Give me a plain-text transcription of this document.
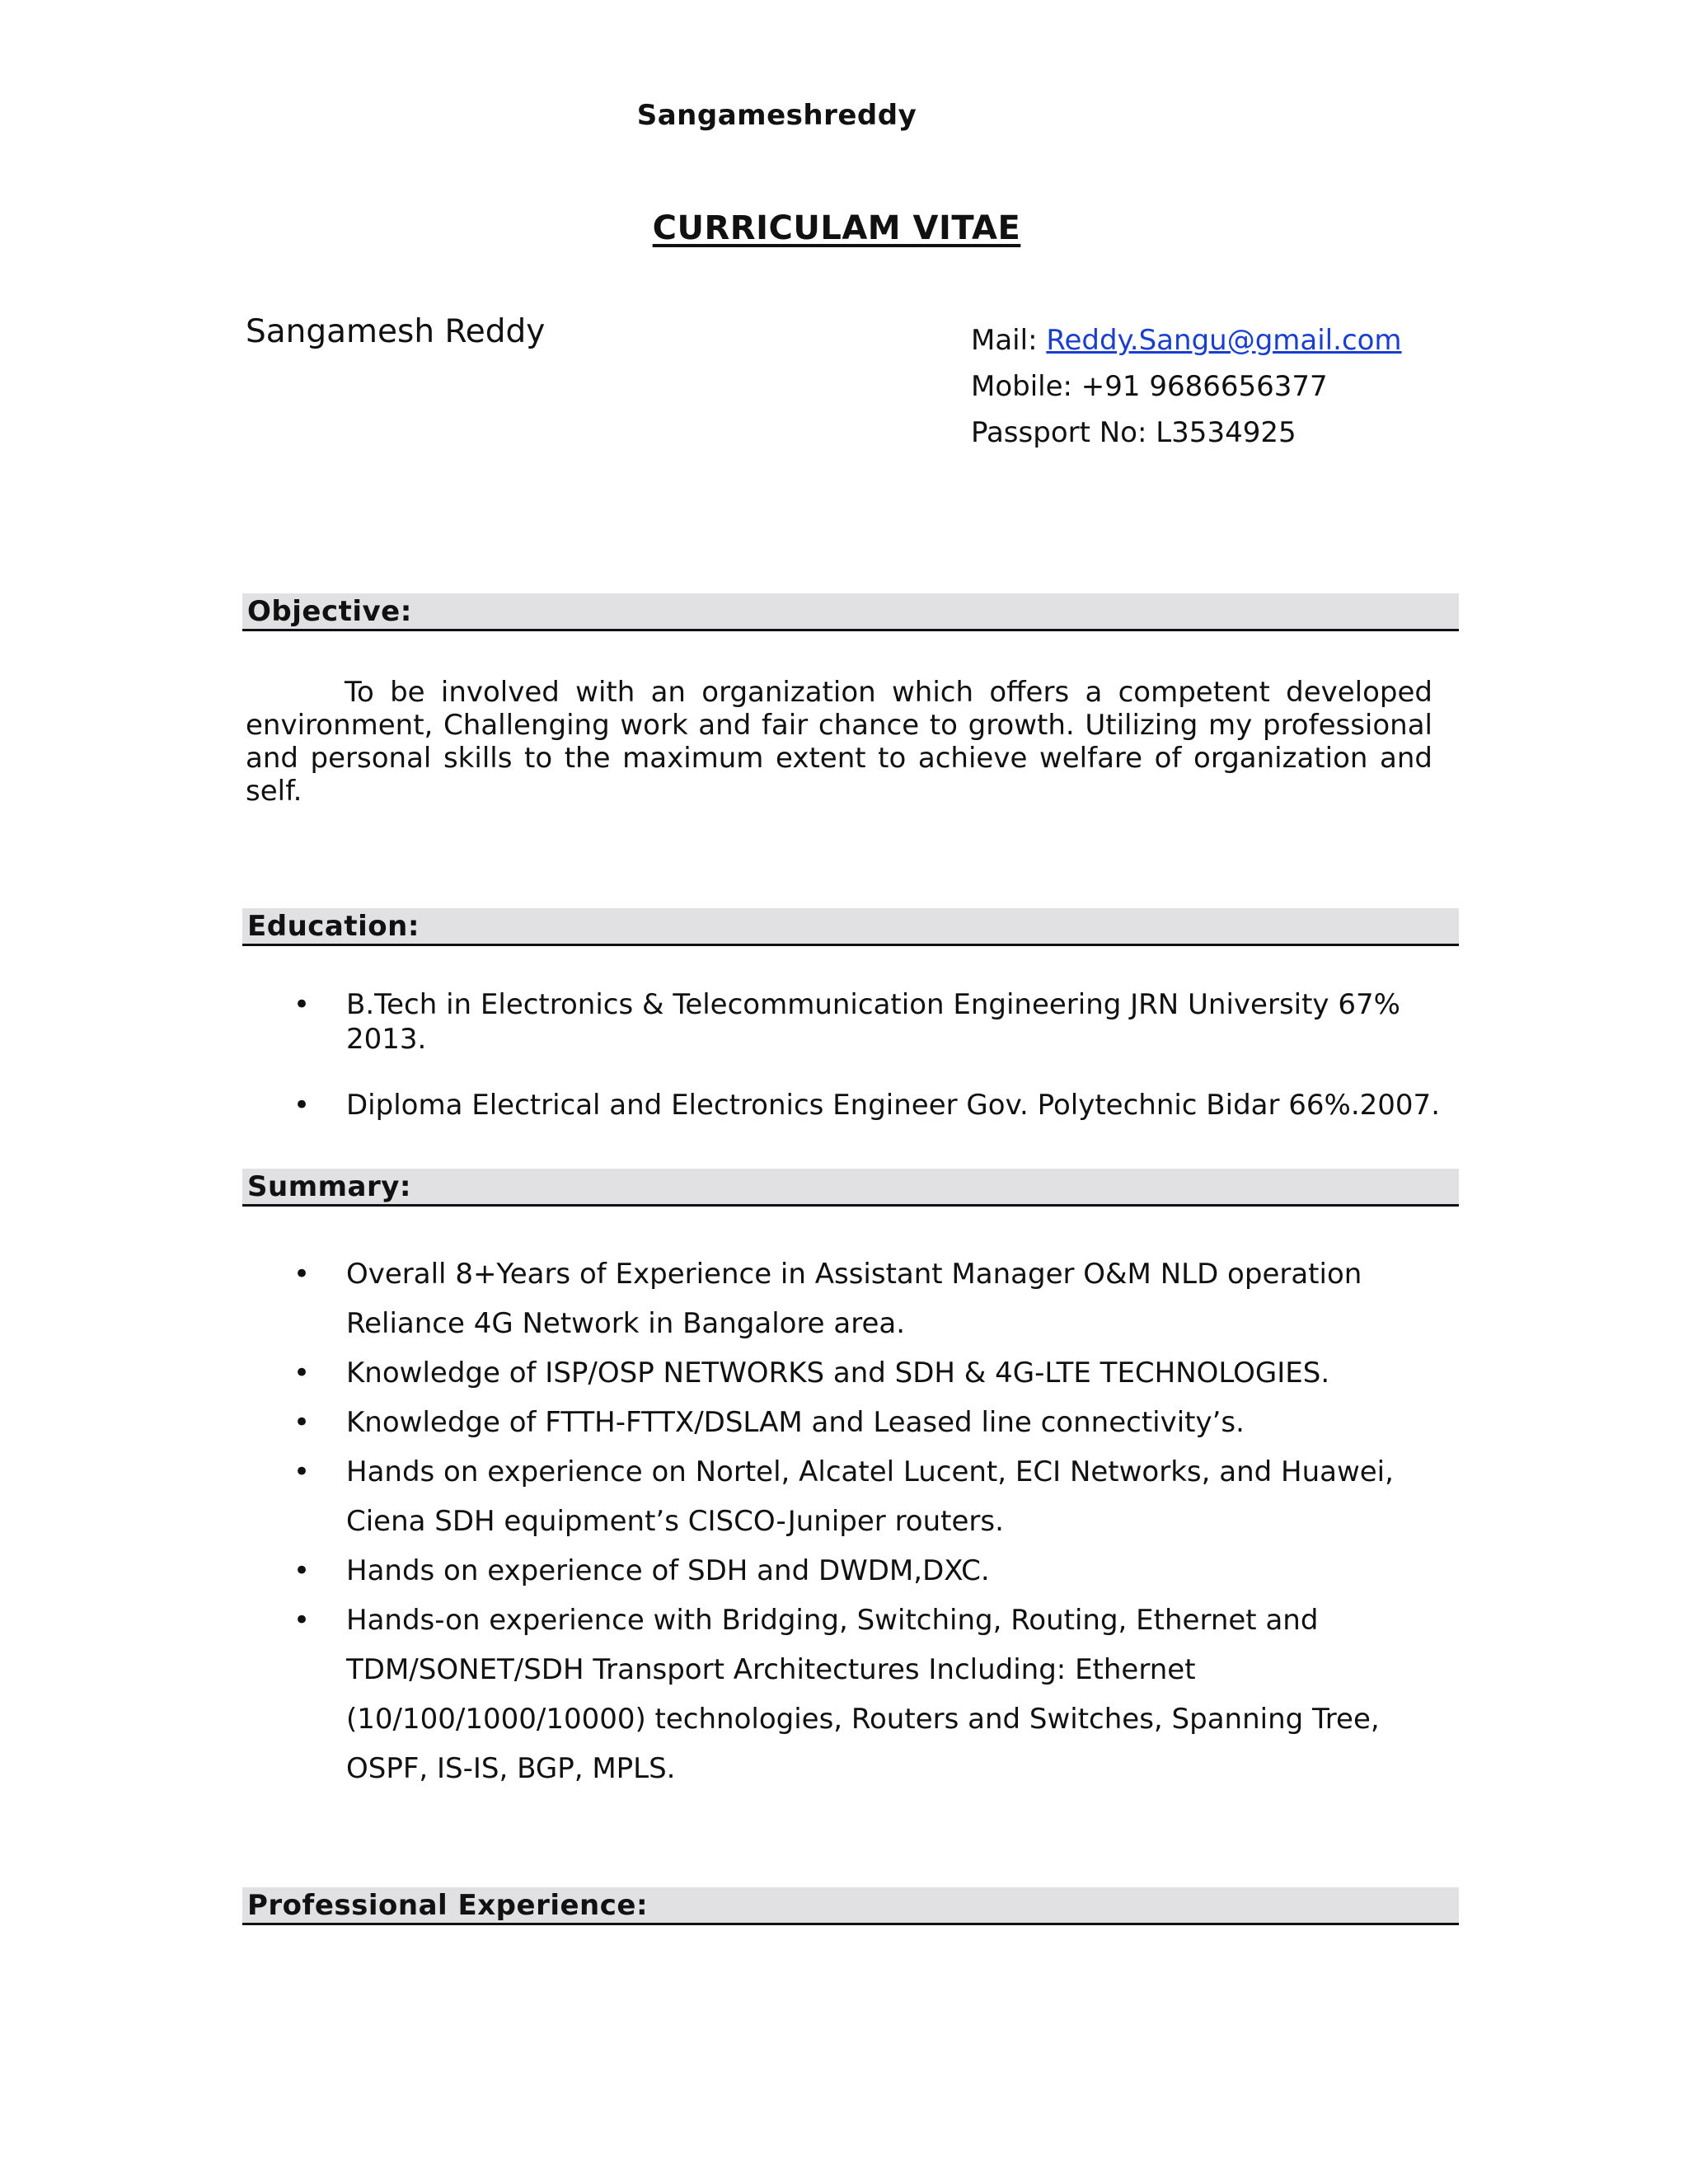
Sangameshreddy
CURRICULAM VITAE
Sangamesh Reddy	Mail: Reddy.Sangu@gmail.com
Mobile: +91 9686656377
Passport No: L3534925
Objective:
To be involved with an organization which offers a competent developed environment, Challenging work and fair chance to growth. Utilizing my professional and personal skills to the maximum extent to achieve welfare of organization and self.
Education:
• B.Tech in Electronics & Telecommunication Engineering JRN University 67% 2013.
• Diploma Electrical and Electronics Engineer Gov. Polytechnic Bidar 66%.2007.
Summary:
• Overall 8+Years of Experience in Assistant Manager O&M NLD operation Reliance 4G Network in Bangalore area.
• Knowledge of ISP/OSP NETWORKS and SDH & 4G-LTE TECHNOLOGIES.
• Knowledge of FTTH-FTTX/DSLAM and Leased line connectivity’s.
• Hands on experience on Nortel, Alcatel Lucent, ECI Networks, and Huawei, Ciena SDH equipment’s CISCO-Juniper routers.
• Hands on experience of SDH and DWDM,DXC.
• Hands-on experience with Bridging, Switching, Routing, Ethernet and TDM/SONET/SDH Transport Architectures Including: Ethernet (10/100/1000/10000) technologies, Routers and Switches, Spanning Tree, OSPF, IS-IS, BGP, MPLS.
Professional Experience:
